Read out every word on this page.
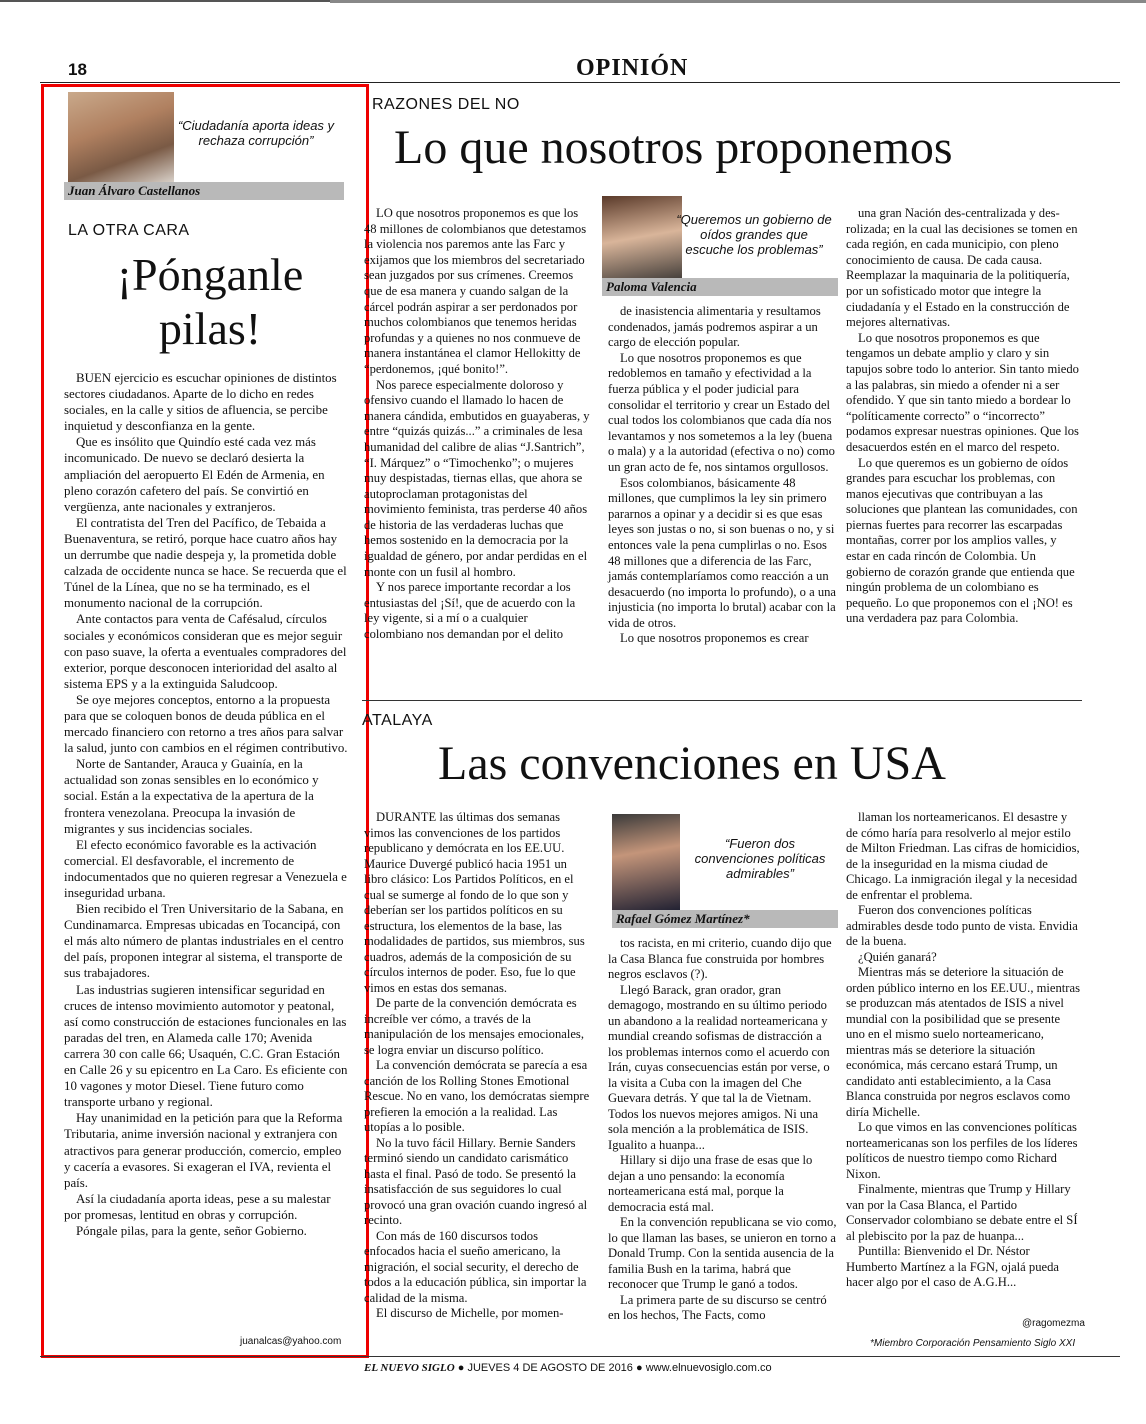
18	OPINIÓN
“Ciudadanía aporta ideas y rechaza corrupción”
Juan Álvaro Castellanos
LA OTRA CARA
¡Pónganle
pilas!

BUEN ejercicio es escuchar opiniones de distintos sectores ciudadanos. Aparte de lo dicho en redes sociales, en la calle y sitios de afluencia, se percibe inquietud y desconfianza en la gente.

Que es insólito que Quindío esté cada vez más incomunicado. De nuevo se declaró desierta la ampliación del aeropuerto El Edén de Armenia, en pleno corazón cafetero del país. Se convirtió en vergüenza, ante nacionales y extranjeros.

El contratista del Tren del Pacífico, de Tebaida a Buenaventura, se retiró, porque hace cuatro años hay un derrumbe que nadie despeja y, la prometida doble calzada de occidente nunca se hace. Se recuerda que el Túnel de la Línea, que no se ha terminado, es el monumento nacional de la corrupción.

Ante contactos para venta de Cafésalud, círculos sociales y económicos consideran que es mejor seguir con paso suave, la oferta a eventuales compradores del exterior, porque desconocen interioridad del asalto al sistema EPS y a la extinguida Saludcoop.

Se oye mejores conceptos, entorno a la propuesta para que se coloquen bonos de deuda pública en el mercado financiero con retorno a tres años para salvar la salud, junto con cambios en el régimen contributivo.

Norte de Santander, Arauca y Guainía, en la actualidad son zonas sensibles en lo económico y social. Están a la expectativa de la apertura de la frontera venezolana. Preocupa la invasión de migrantes y sus incidencias sociales.

El efecto económico favorable es la activación comercial. El desfavorable, el incremento de indocumentados que no quieren regresar a Venezuela e inseguridad urbana.

Bien recibido el Tren Universitario de la Sabana, en Cundinamarca. Empresas ubicadas en Tocancipá, con el más alto número de plantas industriales en el centro del país, proponen integrar al sistema, el transporte de sus trabajadores.

Las industrias sugieren intensificar seguridad en cruces de intenso movimiento automotor y peatonal, así como construcción de estaciones funcionales en las paradas del tren, en Alameda calle 170; Avenida carrera 30 con calle 66; Usaquén, C.C. Gran Estación en Calle 26 y su epicentro en La Caro. Es eficiente con 10 vagones y motor Diesel. Tiene futuro como transporte urbano y regional.

Hay unanimidad en la petición para que la Reforma Tributaria, anime inversión nacional y extranjera con atractivos para generar producción, comercio, empleo y cacería a evasores. Si exageran el IVA, revienta el país.

Así la ciudadanía aporta ideas, pese a su malestar por promesas, lentitud en obras y corrupción.

Póngale pilas, para la gente, señor Gobierno.

juanalcas@yahoo.com
RAZONES DEL NO
Lo que nosotros proponemos

LO que nosotros proponemos es que los 48 millones de colombianos que detestamos la violencia nos paremos ante las Farc y exijamos que los miembros del secretariado sean juzgados por sus crímenes. Creemos que de esa manera y cuando salgan de la cárcel podrán aspirar a ser perdonados por muchos colombianos que tenemos heridas profundas y a quienes no nos conmueve de manera instantánea el clamor Hellokitty de “perdonemos, ¡qué bonito!”.

Nos parece especialmente doloroso y ofensivo cuando el llamado lo hacen de manera cándida, embutidos en guayaberas, y entre “quizás quizás...” a criminales de lesa humanidad del calibre de alias “J.Santrich”, “I. Márquez” o “Timochenko”; o mujeres muy despistadas, tiernas ellas, que ahora se autoproclaman protagonistas del movimiento feminista, tras perderse 40 años de historia de las verdaderas luchas que hemos sostenido en la democracia por la igualdad de género, por andar perdidas en el monte con un fusil al hombro.

Y nos parece importante recordar a los entusiastas del ¡Sí!, que de acuerdo con la ley vigente, si a mí o a cualquier colombiano nos demandan por el delito

“Queremos un gobierno de oídos grandes que escuche los problemas”
Paloma Valencia

de inasistencia alimentaria y resultamos condenados, jamás podremos aspirar a un cargo de elección popular.

Lo que nosotros proponemos es que redoblemos en tamaño y efectividad a la fuerza pública y el poder judicial para consolidar el territorio y crear un Estado del cual todos los colombianos que cada día nos levantamos y nos sometemos a la ley (buena o mala) y a la autoridad (efectiva o no) como un gran acto de fe, nos sintamos orgullosos.

Esos colombianos, básicamente 48 millones, que cumplimos la ley sin primero pararnos a opinar y a decidir si es que esas leyes son justas o no, si son buenas o no, y si entonces vale la pena cumplirlas o no. Esos 48 millones que a diferencia de las Farc, jamás contemplaríamos como reacción a un desacuerdo (no importa lo profundo), o a una injusticia (no importa lo brutal) acabar con la vida de otros.

Lo que nosotros proponemos es crear

una gran Nación des-centralizada y des-rolizada; en la cual las decisiones se tomen en cada región, en cada municipio, con pleno conocimiento de causa. De cada causa. Reemplazar la maquinaria de la politiquería, por un sofisticado motor que integre la ciudadanía y el Estado en la construcción de mejores alternativas.

Lo que nosotros proponemos es que tengamos un debate amplio y claro y sin tapujos sobre todo lo anterior. Sin tanto miedo a las palabras, sin miedo a ofender ni a ser ofendido. Y que sin tanto miedo a bordear lo “políticamente correcto” o “incorrecto” podamos expresar nuestras opiniones. Que los desacuerdos estén en el marco del respeto.

Lo que queremos es un gobierno de oídos grandes para escuchar los problemas, con manos ejecutivas que contribuyan a las soluciones que plantean las comunidades, con piernas fuertes para recorrer las escarpadas montañas, correr por los amplios valles, y estar en cada rincón de Colombia. Un gobierno de corazón grande que entienda que ningún problema de un colombiano es pequeño. Lo que proponemos con el ¡NO! es una verdadera paz para Colombia.

ATALAYA
Las convenciones en USA

DURANTE las últimas dos semanas vimos las convenciones de los partidos republicano y demócrata en los EE.UU. Maurice Duvergé publicó hacia 1951 un libro clásico: Los Partidos Políticos, en el cual se sumerge al fondo de lo que son y deberían ser los partidos políticos en su estructura, los elementos de la base, las modalidades de partidos, sus miembros, sus cuadros, además de la composición de su círculos internos de poder. Eso, fue lo que vimos en estas dos semanas.

De parte de la convención demócrata es increíble ver cómo, a través de la manipulación de los mensajes emocionales, se logra enviar un discurso político.

La convención demócrata se parecía a esa canción de los Rolling Stones Emotional Rescue. No en vano, los demócratas siempre prefieren la emoción a la realidad. Las utopías a lo posible.

No la tuvo fácil Hillary. Bernie Sanders terminó siendo un candidato carismático hasta el final. Pasó de todo. Se presentó la insatisfacción de sus seguidores lo cual provocó una gran ovación cuando ingresó al recinto.

Con más de 160 discursos todos enfocados hacia el sueño americano, la migración, el social security, el derecho de todos a la educación pública, sin importar la calidad de la misma.

El discurso de Michelle, por momen-

“Fueron dos convenciones políticas admirables”
Rafael Gómez Martínez*

tos racista, en mi criterio, cuando dijo que la Casa Blanca fue construida por hombres negros esclavos (?).

Llegó Barack, gran orador, gran demagogo, mostrando en su último periodo un abandono a la realidad norteamericana y mundial creando sofismas de distracción a los problemas internos como el acuerdo con Irán, cuyas consecuencias están por verse, o la visita a Cuba con la imagen del Che Guevara detrás. Y que tal la de Vietnam. Todos los nuevos mejores amigos. Ni una sola mención a la problemática de ISIS. Igualito a huanpa...

Hillary si dijo una frase de esas que lo dejan a uno pensando: la economía norteamericana está mal, porque la democracia está mal.

En la convención republicana se vio como, lo que llaman las bases, se unieron en torno a Donald Trump. Con la sentida ausencia de la familia Bush en la tarima, habrá que reconocer que Trump le ganó a todos.

La primera parte de su discurso se centró en los hechos, The Facts, como

llaman los norteamericanos. El desastre y de cómo haría para resolverlo al mejor estilo de Milton Friedman. Las cifras de homicidios, de la inseguridad en la misma ciudad de Chicago. La inmigración ilegal y la necesidad de enfrentar el problema.

Fueron dos convenciones políticas admirables desde todo punto de vista. Envidia de la buena.

¿Quién ganará?

Mientras más se deteriore la situación de orden público interno en los EE.UU., mientras se produzcan más atentados de ISIS a nivel mundial con la posibilidad que se presente uno en el mismo suelo norteamericano, mientras más se deteriore la situación económica, más cercano estará Trump, un candidato anti establecimiento, a la Casa Blanca construida por negros esclavos como diría Michelle.

Lo que vimos en las convenciones políticas norteamericanas son los perfiles de los líderes políticos de nuestro tiempo como Richard Nixon.

Finalmente, mientras que Trump y Hillary van por la Casa Blanca, el Partido Conservador colombiano se debate entre el SÍ al plebiscito por la paz de huanpa...

Puntilla: Bienvenido el Dr. Néstor Humberto Martínez a la FGN, ojalá pueda hacer algo por el caso de A.G.H...

@ragomezma
*Miembro Corporación Pensamiento Siglo XXI
EL NUEVO SIGLO ● JUEVES 4 DE AGOSTO DE 2016 ● www.elnuevosiglo.com.co
